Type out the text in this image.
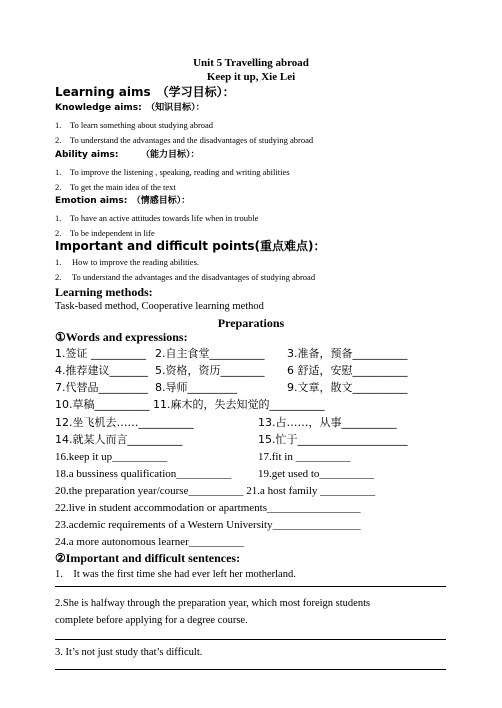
Unit 5 Travelling abroad
Keep it up, Xie Lei
Learning aims　（学习目标）：
Knowledge aims:　（知识目标）：
1.　To learn something about studying abroad
2.　To understand the advantages and the disadvantages of studying abroad
Ability aims:　　　（能力目标）：
1.　To improve the listening , speaking, reading and writing abilities
2.　To get the main idea of the text
Emotion aims:　（情感目标）：
1.　To have an active attitudes towards life when in trouble
2.　To be independent in life
Important and difficult points(重点难点)：
1.　 How to improve the reading abilities.
2.　 To understand the advantages and the disadvantages of studying abroad
Learning methods:
Task-based method, Cooperative learning method
Preparations
①Words and expressions:
1.签证 __________ 2.自主食堂__________ 3.准备，预备__________
4.推荐建议_______ 5.资格，资历________ 6 舒适，安慰__________
7.代替品_________ 8.导师_________	9.文章，散文__________
10.草稿__________ 11.麻木的，失去知觉的__________
12.坐飞机去……__________	13.占……，从事__________
14.就某人而言__________	15.忙于____________________
16.keep it up__________	17.fit in __________
18.a bussiness qualification__________ 19.get used to__________
20.the preparation year/course__________ 21.a host family __________
22.live in student accommodation or apartments_________________
23.acdemic requirements of a Western University________________
24.a more autonomous learner__________
②Important and difficult sentences:
1.　It was the first time she had ever left her motherland.
2.She is halfway through the preparation year, which most foreign students
complete before applying for a degree course.
3. It’s not just study that’s difficult.
